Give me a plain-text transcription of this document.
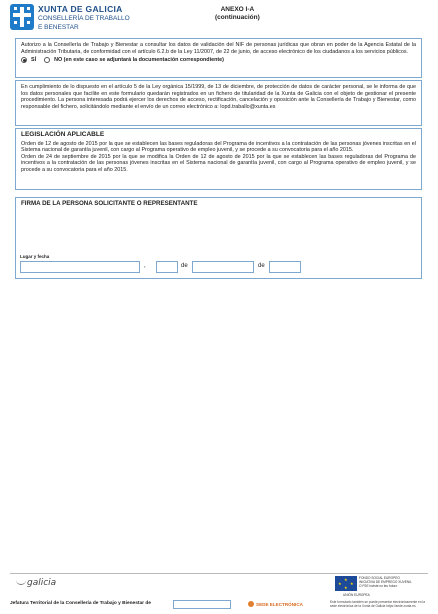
XUNTA DE GALICIA
CONSELLERÍA DE TRABALLO
E BENESTAR
ANEXO I-A
(continuación)
Autorizo a la Consellería de Trabajo y Bienestar a consultar los datos de validación del NIF de personas jurídicas que obran en poder de la Agencia Estatal de la Administración Tributaria, de conformidad con el artículo 6.2.b de la Ley 11/2007, de 22 de junio, de acceso electrónico de los ciudadanos a los servicios públicos.
SÍ	NO (en este caso se adjuntará la documentación correspondiente)
En cumplimiento de lo dispuesto en el artículo 5 de la Ley orgánica 15/1999, de 13 de diciembre, de protección de datos de carácter personal, se le informa de que los datos personales que facilite en este formulario quedarán registrados en un fichero de titularidad de la Xunta de Galicia con el objeto de gestionar el presente procedimiento. La persona interesada podrá ejercer los derechos de acceso, rectificación, cancelación y oposición ante la Consellería de Trabajo y Bienestar, como responsable del fichero, solicitándolo mediante el envío de un correo electrónico a: lopd.traballo@xunta.es
LEGISLACIÓN APLICABLE
Orden de 12 de agosto de 2015 por la que se establecen las bases reguladoras del Programa de incentivos a la contratación de las personas jóvenes inscritas en el Sistema nacional de garantía juvenil, con cargo al Programa operativo de empleo juvenil, y se procede a su convocatoria para el año 2015.
Orden de 24 de septiembre de 2015 por la que se modifica la Orden de 12 de agosto de 2015 por la que se establecen las bases reguladoras del Programa de incentivos a la contratación de las personas jóvenes inscritas en el Sistema nacional de garantía juvenil, con cargo al Programa operativo de empleo juvenil, y se procede a su convocatoria para el año 2015.
FIRMA DE LA PERSONA SOLICITANTE O REPRESENTANTE
Lugar y fecha
,	de	de
galicia	★
★ ★
★
FONDO SOCIAL EUROPEO
INICIATIVA DE EMPREGO XUVENIL
O FSE inviste no teu futuro
UNIÓN EUROPEA
Jefatura Territorial de la Consellería de Trabajo y Bienestar de	SEDE ELECTRÓNICA	Este formulario también se puede presentar electrónicamente en la sede electrónica de la Xunta de Galicia https://sede.xunta.es
